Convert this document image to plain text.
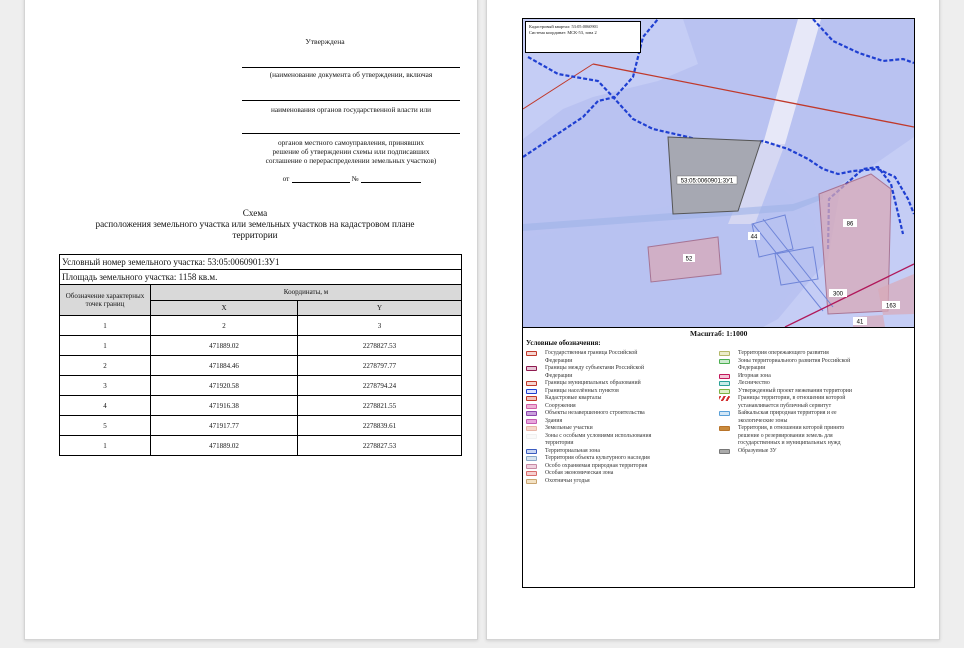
Утверждена
(наименование документа об утверждении, включая
наименования органов государственной власти или
органов местного самоуправления, принявших
решение об утверждении схемы или подписавших
соглашение о перераспределении земельных участков)
от	№
Схема
расположения земельного участка или земельных участков на кадастровом плане
территории
Условный номер земельного участка: 53:05:0060901:ЗУ1		
Площадь земельного участка: 1158 кв.м.		
Обозначение характерных точек границ	Координаты, м	
	X	Y
1	2	3
1	471889.02	2278827.53
2	471884.46	2278797.77
3	471920.58	2278794.24
4	471916.38	2278821.55
5	471917.77	2278839.61
1	471889.02	2278827.53
53:05:0060901:ЗУ1
86
44
52
300
163
41
Кадастровый квартал: 53:05:0060901
Система координат: МСК-53, зона 2
Масштаб: 1:1000
Условные обозначения:
Государственная граница Российской Федерации
Границы между субъектами Российской Федерации
Границы муниципальных образований
Границы населённых пунктов
Кадастровые кварталы
Сооружения
Объекты незавершенного строительства
Здания
Земельные участки
Зоны с особыми условиями использования территории
Территориальная зона
Территория объекта культурного наследия
Особо охраняемая природная территория
Особая экономическая зона
Охотничьи угодья
Территория опережающего развития
Зоны территориального развития Российской Федерации
Игорная зона
Лесничество
Утвержденный проект межевания территории
Границы территории, в отношении которой устанавливается публичный сервитут
Байкальская природная территория и ее экологические зоны
Территория, в отношении которой принято решение о резервировании земель для государственных и муниципальных нужд
Образуемые ЗУ
